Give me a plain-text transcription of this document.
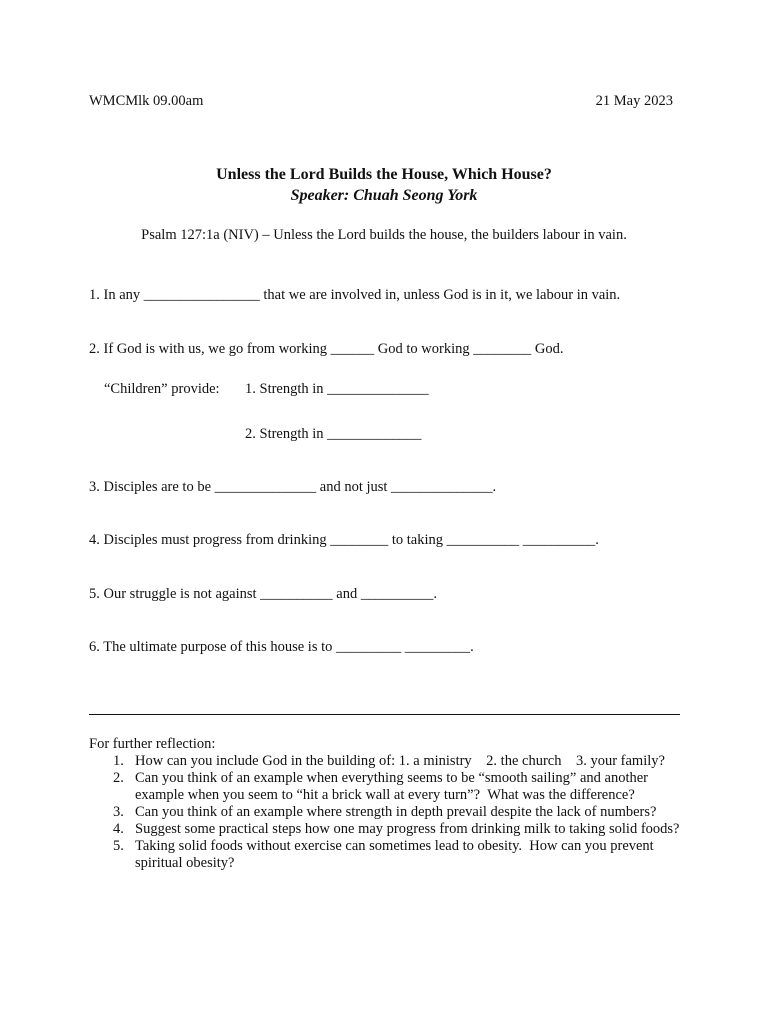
WMCMlk 09.00am	21 May 2023
Unless the Lord Builds the House, Which House?
Speaker: Chuah Seong York
Psalm 127:1a (NIV) – Unless the Lord builds the house, the builders labour in vain.
1. In any ________________ that we are involved in, unless God is in it, we labour in vain.
2. If God is with us, we go from working ______ God to working ________ God.
“Children” provide: 1. Strength in ______________
2. Strength in _____________
3. Disciples are to be ______________ and not just ______________.
4. Disciples must progress from drinking ________ to taking __________ __________.
5. Our struggle is not against __________ and __________.
6. The ultimate purpose of this house is to _________ _________.
For further reflection:
1. How can you include God in the building of: 1. a ministry    2. the church    3. your family?
2. Can you think of an example when everything seems to be “smooth sailing” and another example when you seem to “hit a brick wall at every turn”?  What was the difference?
3. Can you think of an example where strength in depth prevail despite the lack of numbers?
4. Suggest some practical steps how one may progress from drinking milk to taking solid foods?
5. Taking solid foods without exercise can sometimes lead to obesity.  How can you prevent spiritual obesity?
